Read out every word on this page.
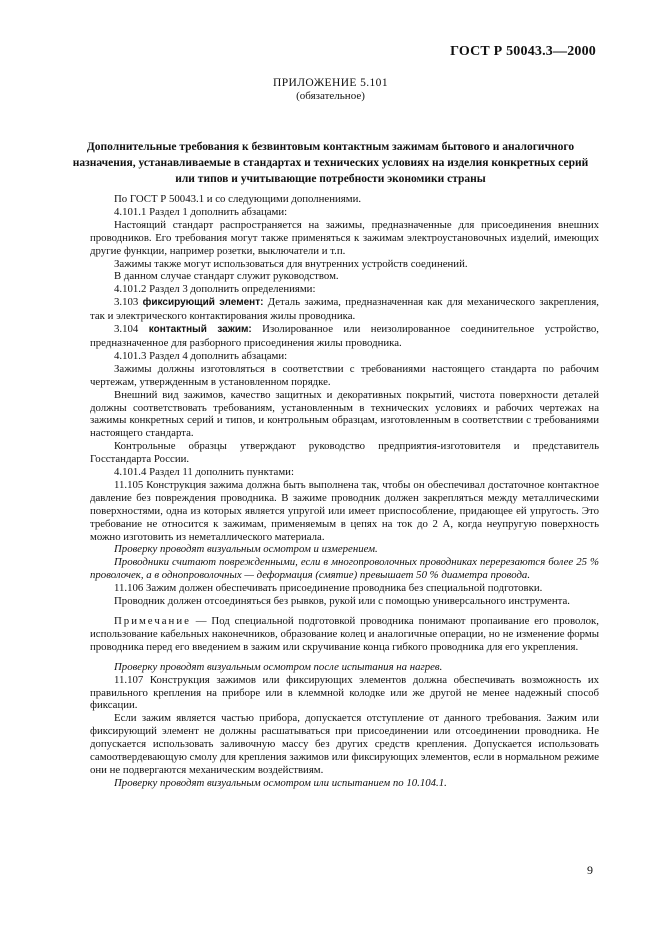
ГОСТ Р 50043.3—2000
ПРИЛОЖЕНИЕ 5.101
(обязательное)
Дополнительные требования к безвинтовым контактным зажимам бытового и аналогичного назначения, устанавливаемые в стандартах и технических условиях на изделия конкретных серий или типов и учитывающие потребности экономики страны

По ГОСТ Р 50043.1 и со следующими дополнениями.

4.101.1 Раздел 1 дополнить абзацами:

Настоящий стандарт распространяется на зажимы, предназначенные для присоединения внешних проводников. Его требования могут также применяться к зажимам электроустановочных изделий, имеющих другие функции, например розетки, выключатели и т.п.

Зажимы также могут использоваться для внутренних устройств соединений.

В данном случае стандарт служит руководством.

4.101.2 Раздел 3 дополнить определениями:

3.103 фиксирующий элемент: Деталь зажима, предназначенная как для механического закрепления, так и электрического контактирования жилы проводника.

3.104 контактный зажим: Изолированное или неизолированное соединительное устройство, предназначенное для разборного присоединения жилы проводника.

4.101.3 Раздел 4 дополнить абзацами:

Зажимы должны изготовляться в соответствии с требованиями настоящего стандарта по рабочим чертежам, утвержденным в установленном порядке.

Внешний вид зажимов, качество защитных и декоративных покрытий, чистота поверхности деталей должны соответствовать требованиям, установленным в технических условиях и рабочих чертежах на зажимы конкретных серий и типов, и контрольным образцам, изготовленным в соответствии с требованиями настоящего стандарта.

Контрольные образцы утверждают руководство предприятия-изготовителя и представитель Госстандарта России.

4.101.4 Раздел 11 дополнить пунктами:

11.105 Конструкция зажима должна быть выполнена так, чтобы он обеспечивал достаточное контактное давление без повреждения проводника. В зажиме проводник должен закрепляться между металлическими поверхностями, одна из которых является упругой или имеет приспособление, придающее ей упругость. Это требование не относится к зажимам, применяемым в цепях на ток до 2 А, когда неупругую поверхность можно изготовить из неметаллического материала.

Проверку проводят визуальным осмотром и измерением.

Проводники считают поврежденными, если в многопроволочных проводниках перерезаются более 25 % проволочек, а в однопроволочных — деформация (смятие) превышает 50 % диаметра провода.

11.106 Зажим должен обеспечивать присоединение проводника без специальной подготовки.

Проводник должен отсоединяться без рывков, рукой или с помощью универсального инструмента.

Примечание — Под специальной подготовкой проводника понимают пропаивание его проволок, использование кабельных наконечников, образование колец и аналогичные операции, но не изменение формы проводника перед его введением в зажим или скручивание конца гибкого проводника для его укрепления.

Проверку проводят визуальным осмотром после испытания на нагрев.

11.107 Конструкция зажимов или фиксирующих элементов должна обеспечивать возможность их правильного крепления на приборе или в клеммной колодке или же другой не менее надежный способ фиксации.

Если зажим является частью прибора, допускается отступление от данного требования. Зажим или фиксирующий элемент не должны расшатываться при присоединении или отсоединении проводника. Не допускается использовать заливочную массу без других средств крепления. Допускается использовать самоотвердевающую смолу для крепления зажимов или фиксирующих элементов, если в нормальном режиме они не подвергаются механическим воздействиям.

Проверку проводят визуальным осмотром или испытанием по 10.104.1.

9
